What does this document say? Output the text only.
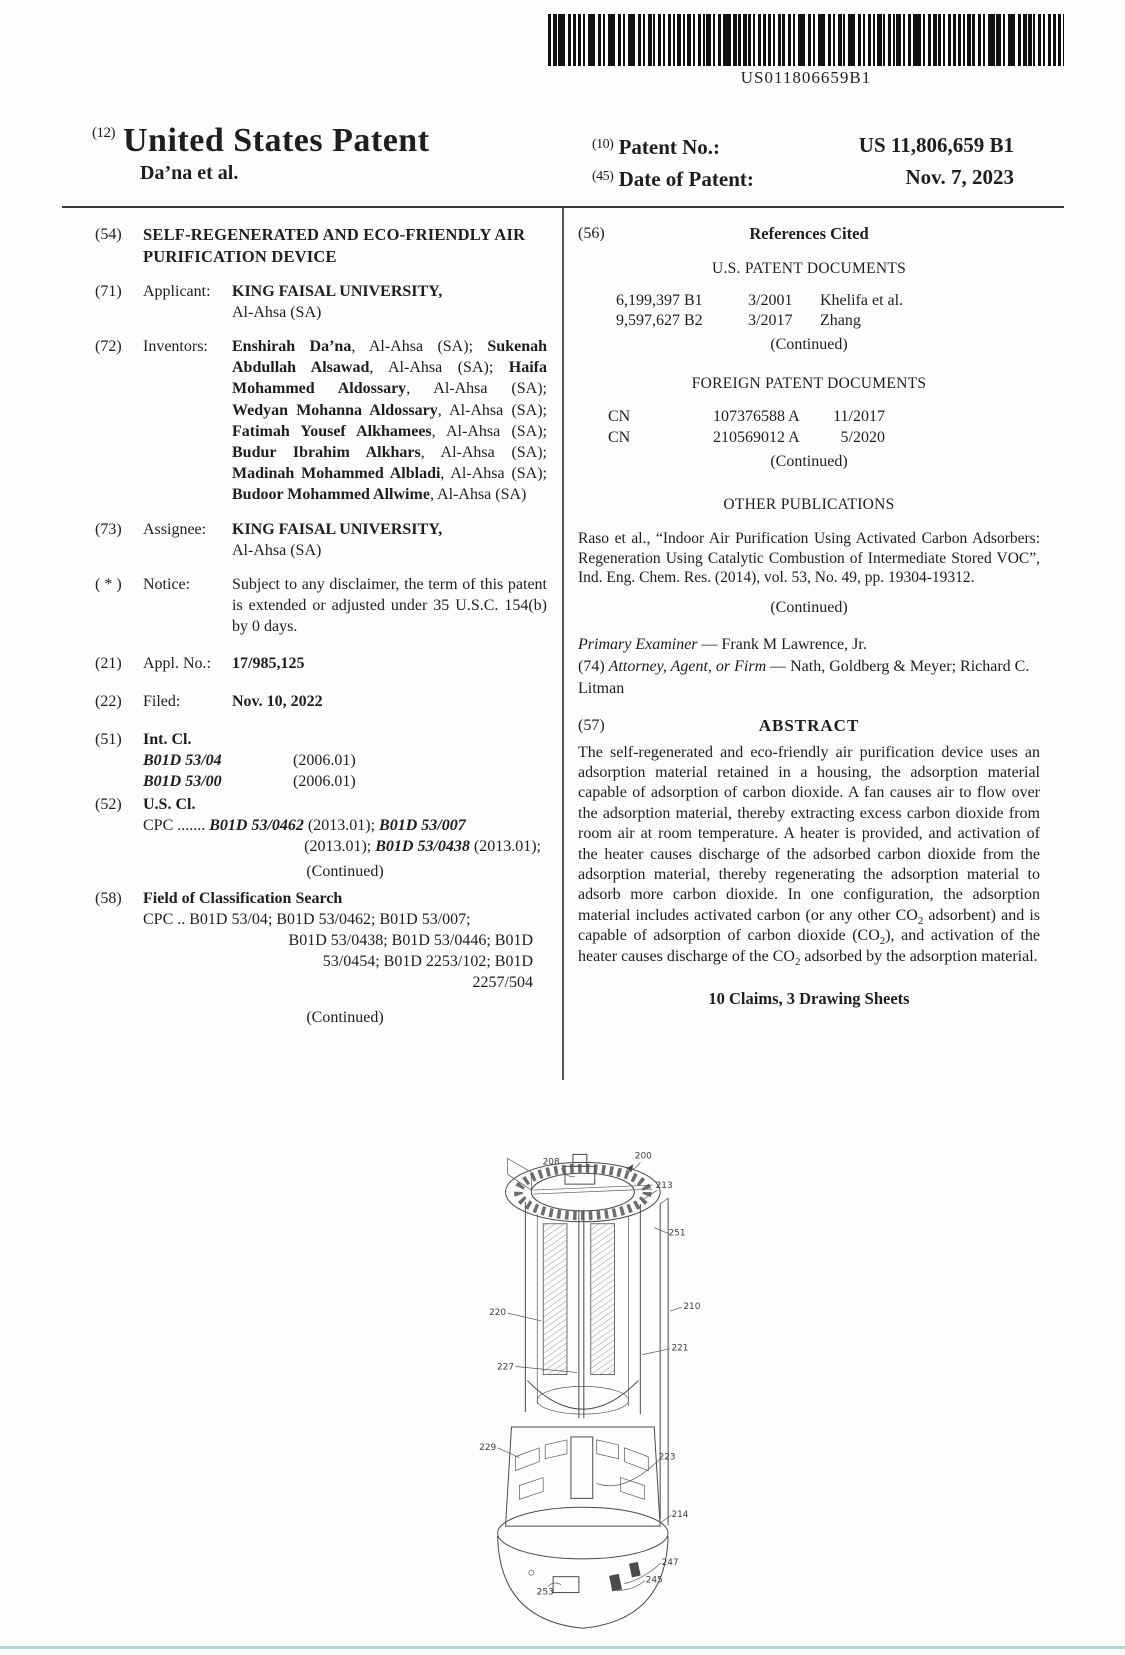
US011806659B1
(12) United States Patent
Da’na et al.
$^{(10)}$ Patent No.:	US 11,806,659 B1
$^{(45)}$ Date of Patent:	Nov. 7, 2023
(54)	SELF-REGENERATED AND ECO-FRIENDLY AIR PURIFICATION DEVICE
(71)	Applicant:	KING FAISAL UNIVERSITY,
Al-Ahsa (SA)
(72)	Inventors:	Enshirah Da’na, Al-Ahsa (SA); Sukenah Abdullah Alsawad, Al-Ahsa (SA); Haifa Mohammed Aldossary, Al-Ahsa (SA); Wedyan Mohanna Aldossary, Al-Ahsa (SA); Fatimah Yousef Alkhamees, Al-Ahsa (SA); Budur Ibrahim Alkhars, Al-Ahsa (SA); Madinah Mohammed Albladi, Al-Ahsa (SA); Budoor Mohammed Allwime, Al-Ahsa (SA)
(73)	Assignee:	KING FAISAL UNIVERSITY,
Al-Ahsa (SA)
( * )	Notice:	Subject to any disclaimer, the term of this patent is extended or adjusted under 35 U.S.C. 154(b) by 0 days.
(21)	Appl. No.:	17/985,125
(22)	Filed:	Nov. 10, 2022
(51)	Int. Cl.
B01D 53/04	(2006.01)
B01D 53/00	(2006.01)
(52)	U.S. Cl.
CPC ....... B01D 53/0462 (2013.01); B01D 53/007
(2013.01); B01D 53/0438 (2013.01);
(Continued)
(58)	Field of Classification Search
CPC .. B01D 53/04; B01D 53/0462; B01D 53/007;
B01D 53/0438; B01D 53/0446; B01D
53/0454; B01D 2253/102; B01D
2257/504
(Continued)
(56)	References Cited
U.S. PATENT DOCUMENTS
6,199,397 B1	3/2001	Khelifa et al.
9,597,627 B2	3/2017	Zhang
(Continued)
FOREIGN PATENT DOCUMENTS
CN	107376588 A	11/2017
CN	210569012 A	5/2020
(Continued)
OTHER PUBLICATIONS
Raso et al., “Indoor Air Purification Using Activated Carbon Adsorbers: Regeneration Using Catalytic Combustion of Intermediate Stored VOC”, Ind. Eng. Chem. Res. (2014), vol. 53, No. 49, pp. 19304-19312.
(Continued)
Primary Examiner — Frank M Lawrence, Jr.
(74) Attorney, Agent, or Firm — Nath, Goldberg & Meyer; Richard C. Litman
(57)	ABSTRACT
The self-regenerated and eco-friendly air purification device uses an adsorption material retained in a housing, the adsorption material capable of adsorption of carbon dioxide. A fan causes air to flow over the adsorption material, thereby extracting excess carbon dioxide from room air at room temperature. A heater is provided, and activation of the heater causes discharge of the adsorbed carbon dioxide from the adsorption material, thereby regenerating the adsorption material to adsorb more carbon dioxide. In one configuration, the adsorption material includes activated carbon (or any other $CO_2$ adsorbent) and is capable of adsorption of carbon dioxide $(CO_2)$, and activation of the heater causes discharge of the $CO_2$ adsorbed by the adsorption material.
10 Claims, 3 Drawing Sheets
208
200
213
251
220
227
210
221
229
223
214
247
245
253
